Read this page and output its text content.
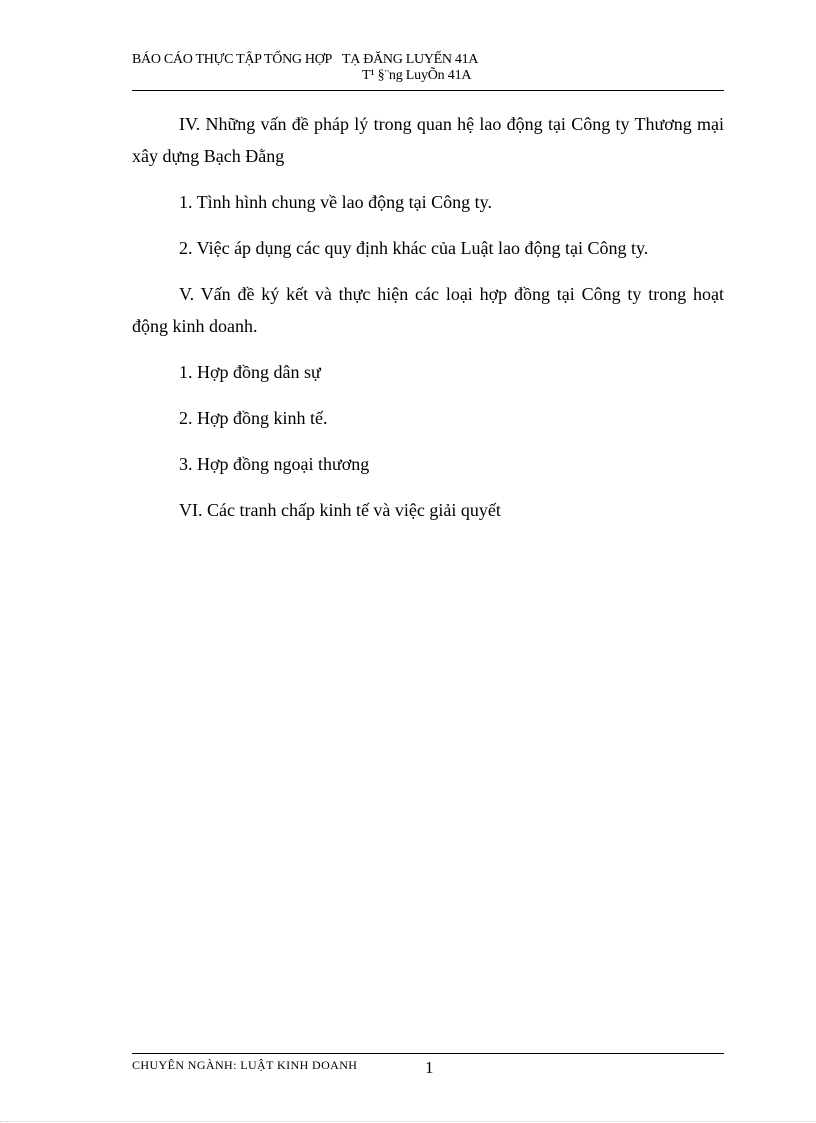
BÁO CÁO THỰC TẬP TỔNG HỢP TẠ ĐĂNG LUYẾN 41A
T¹ §¨ng LuyÕn 41A

IV. Những vấn đề pháp lý trong quan hệ lao động tại Công ty Thương mại xây dựng Bạch Đằng

1. Tình hình chung về lao động tại Công ty.

2. Việc áp dụng các quy định khác của Luật lao động tại Công ty.

V. Vấn đề ký kết và thực hiện các loại hợp đồng tại Công ty trong hoạt động kinh doanh.

1. Hợp đồng dân sự

2. Hợp đồng kinh tế.

3. Hợp đồng ngoại thương

VI. Các tranh chấp kinh tế và việc giải quyết

CHUYÊN NGÀNH: LUẬT KINH DOANH	1
